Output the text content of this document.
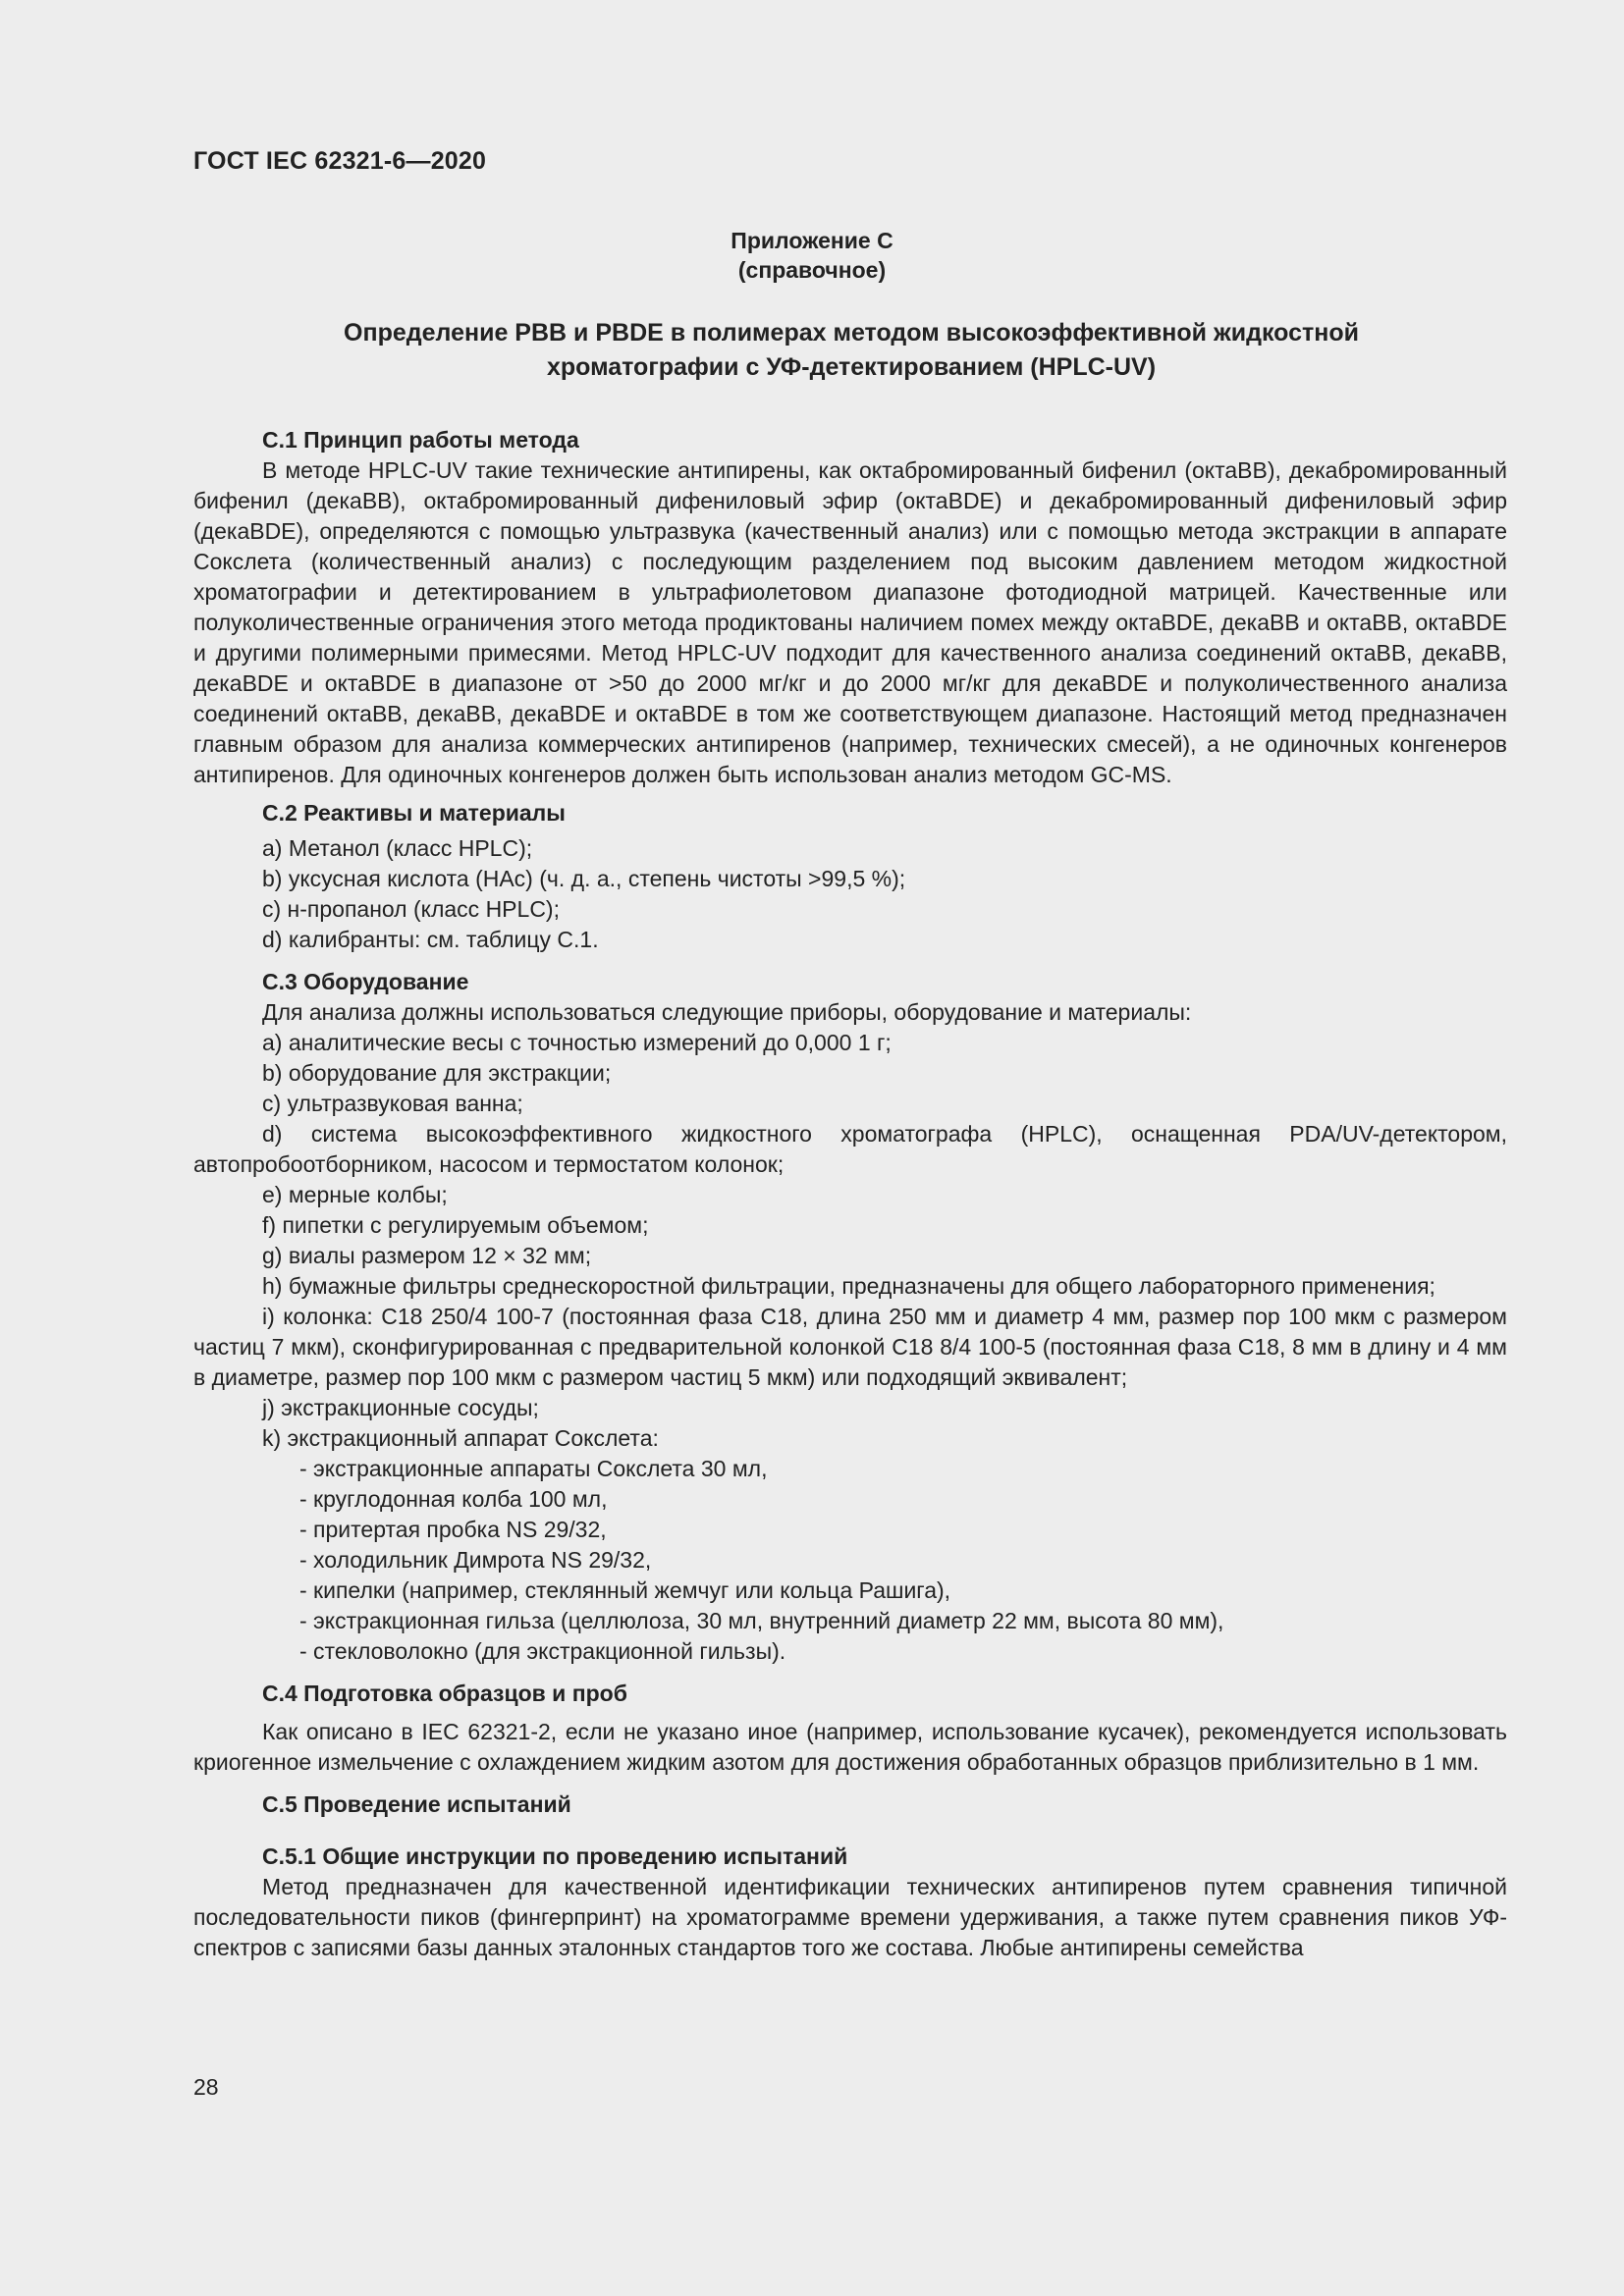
ГОСТ IEC 62321-6—2020
Приложение С
(справочное)
Определение PBB и PBDE в полимерах методом высокоэффективной жидкостной
хроматографии с УФ-детектированием (HPLC-UV)

С.1 Принцип работы метода

В методе HPLC-UV такие технические антипирены, как октабромированный бифенил (октаBB), декабромированный бифенил (декаBB), октабромированный дифениловый эфир (октаBDE) и декабромированный дифениловый эфир (декаBDE), определяются с помощью ультразвука (качественный анализ) или с помощью метода экстракции в аппарате Сокслета (количественный анализ) с последующим разделением под высоким давлением методом жидкостной хроматографии и детектированием в ультрафиолетовом диапазоне фотодиодной матрицей. Качественные или полуколичественные ограничения этого метода продиктованы наличием помех между октаBDE, декаBB и октаBB, октаBDE и другими полимерными примесями. Метод HPLC-UV подходит для качественного анализа соединений октаBB, декаBB, декаBDE и октаBDE в диапазоне от >50 до 2000 мг/кг и до 2000 мг/кг для декаBDE и полуколичественного анализа соединений октаBB, декаBB, декаBDE и октаBDE в том же соответствующем диапазоне. Настоящий метод предназначен главным образом для анализа коммерческих антипиренов (например, технических смесей), а не одиночных конгенеров антипиренов. Для одиночных конгенеров должен быть использован анализ методом GC-MS.

С.2 Реактивы и материалы

a) Метанол (класс HPLC);

b) уксусная кислота (HAc) (ч. д. а., степень чистоты >99,5 %);

c) н-пропанол (класс HPLC);

d) калибранты: см. таблицу С.1.

С.3 Оборудование

Для анализа должны использоваться следующие приборы, оборудование и материалы:

a) аналитические весы с точностью измерений до 0,000 1 г;

b) оборудование для экстракции;

c) ультразвуковая ванна;

d) система высокоэффективного жидкостного хроматографа (HPLC), оснащенная PDA/UV-детектором, автопробоотборником, насосом и термостатом колонок;

e) мерные колбы;

f) пипетки с регулируемым объемом;

g) виалы размером 12 × 32 мм;

h) бумажные фильтры среднескоростной фильтрации, предназначены для общего лабораторного применения;

i) колонка: С18 250/4 100-7 (постоянная фаза С18, длина 250 мм и диаметр 4 мм, размер пор 100 мкм с размером частиц 7 мкм), сконфигурированная с предварительной колонкой С18 8/4 100-5 (постоянная фаза С18, 8 мм в длину и 4 мм в диаметре, размер пор 100 мкм с размером частиц 5 мкм) или подходящий эквивалент;

j) экстракционные сосуды;

k) экстракционный аппарат Сокслета:

- экстракционные аппараты Сокслета 30 мл,

- круглодонная колба 100 мл,

- притертая пробка NS 29/32,

- холодильник Димрота NS 29/32,

- кипелки (например, стеклянный жемчуг или кольца Рашига),

- экстракционная гильза (целлюлоза, 30 мл, внутренний диаметр 22 мм, высота 80 мм),

- стекловолокно (для экстракционной гильзы).

С.4 Подготовка образцов и проб

Как описано в IEC 62321-2, если не указано иное (например, использование кусачек), рекомендуется использовать криогенное измельчение с охлаждением жидким азотом для достижения обработанных образцов приблизительно в 1 мм.

С.5 Проведение испытаний

С.5.1 Общие инструкции по проведению испытаний

Метод предназначен для качественной идентификации технических антипиренов путем сравнения типичной последовательности пиков (фингерпринт) на хроматограмме времени удерживания, а также путем сравнения пиков УФ-спектров с записями базы данных эталонных стандартов того же состава. Любые антипирены семейства

28
